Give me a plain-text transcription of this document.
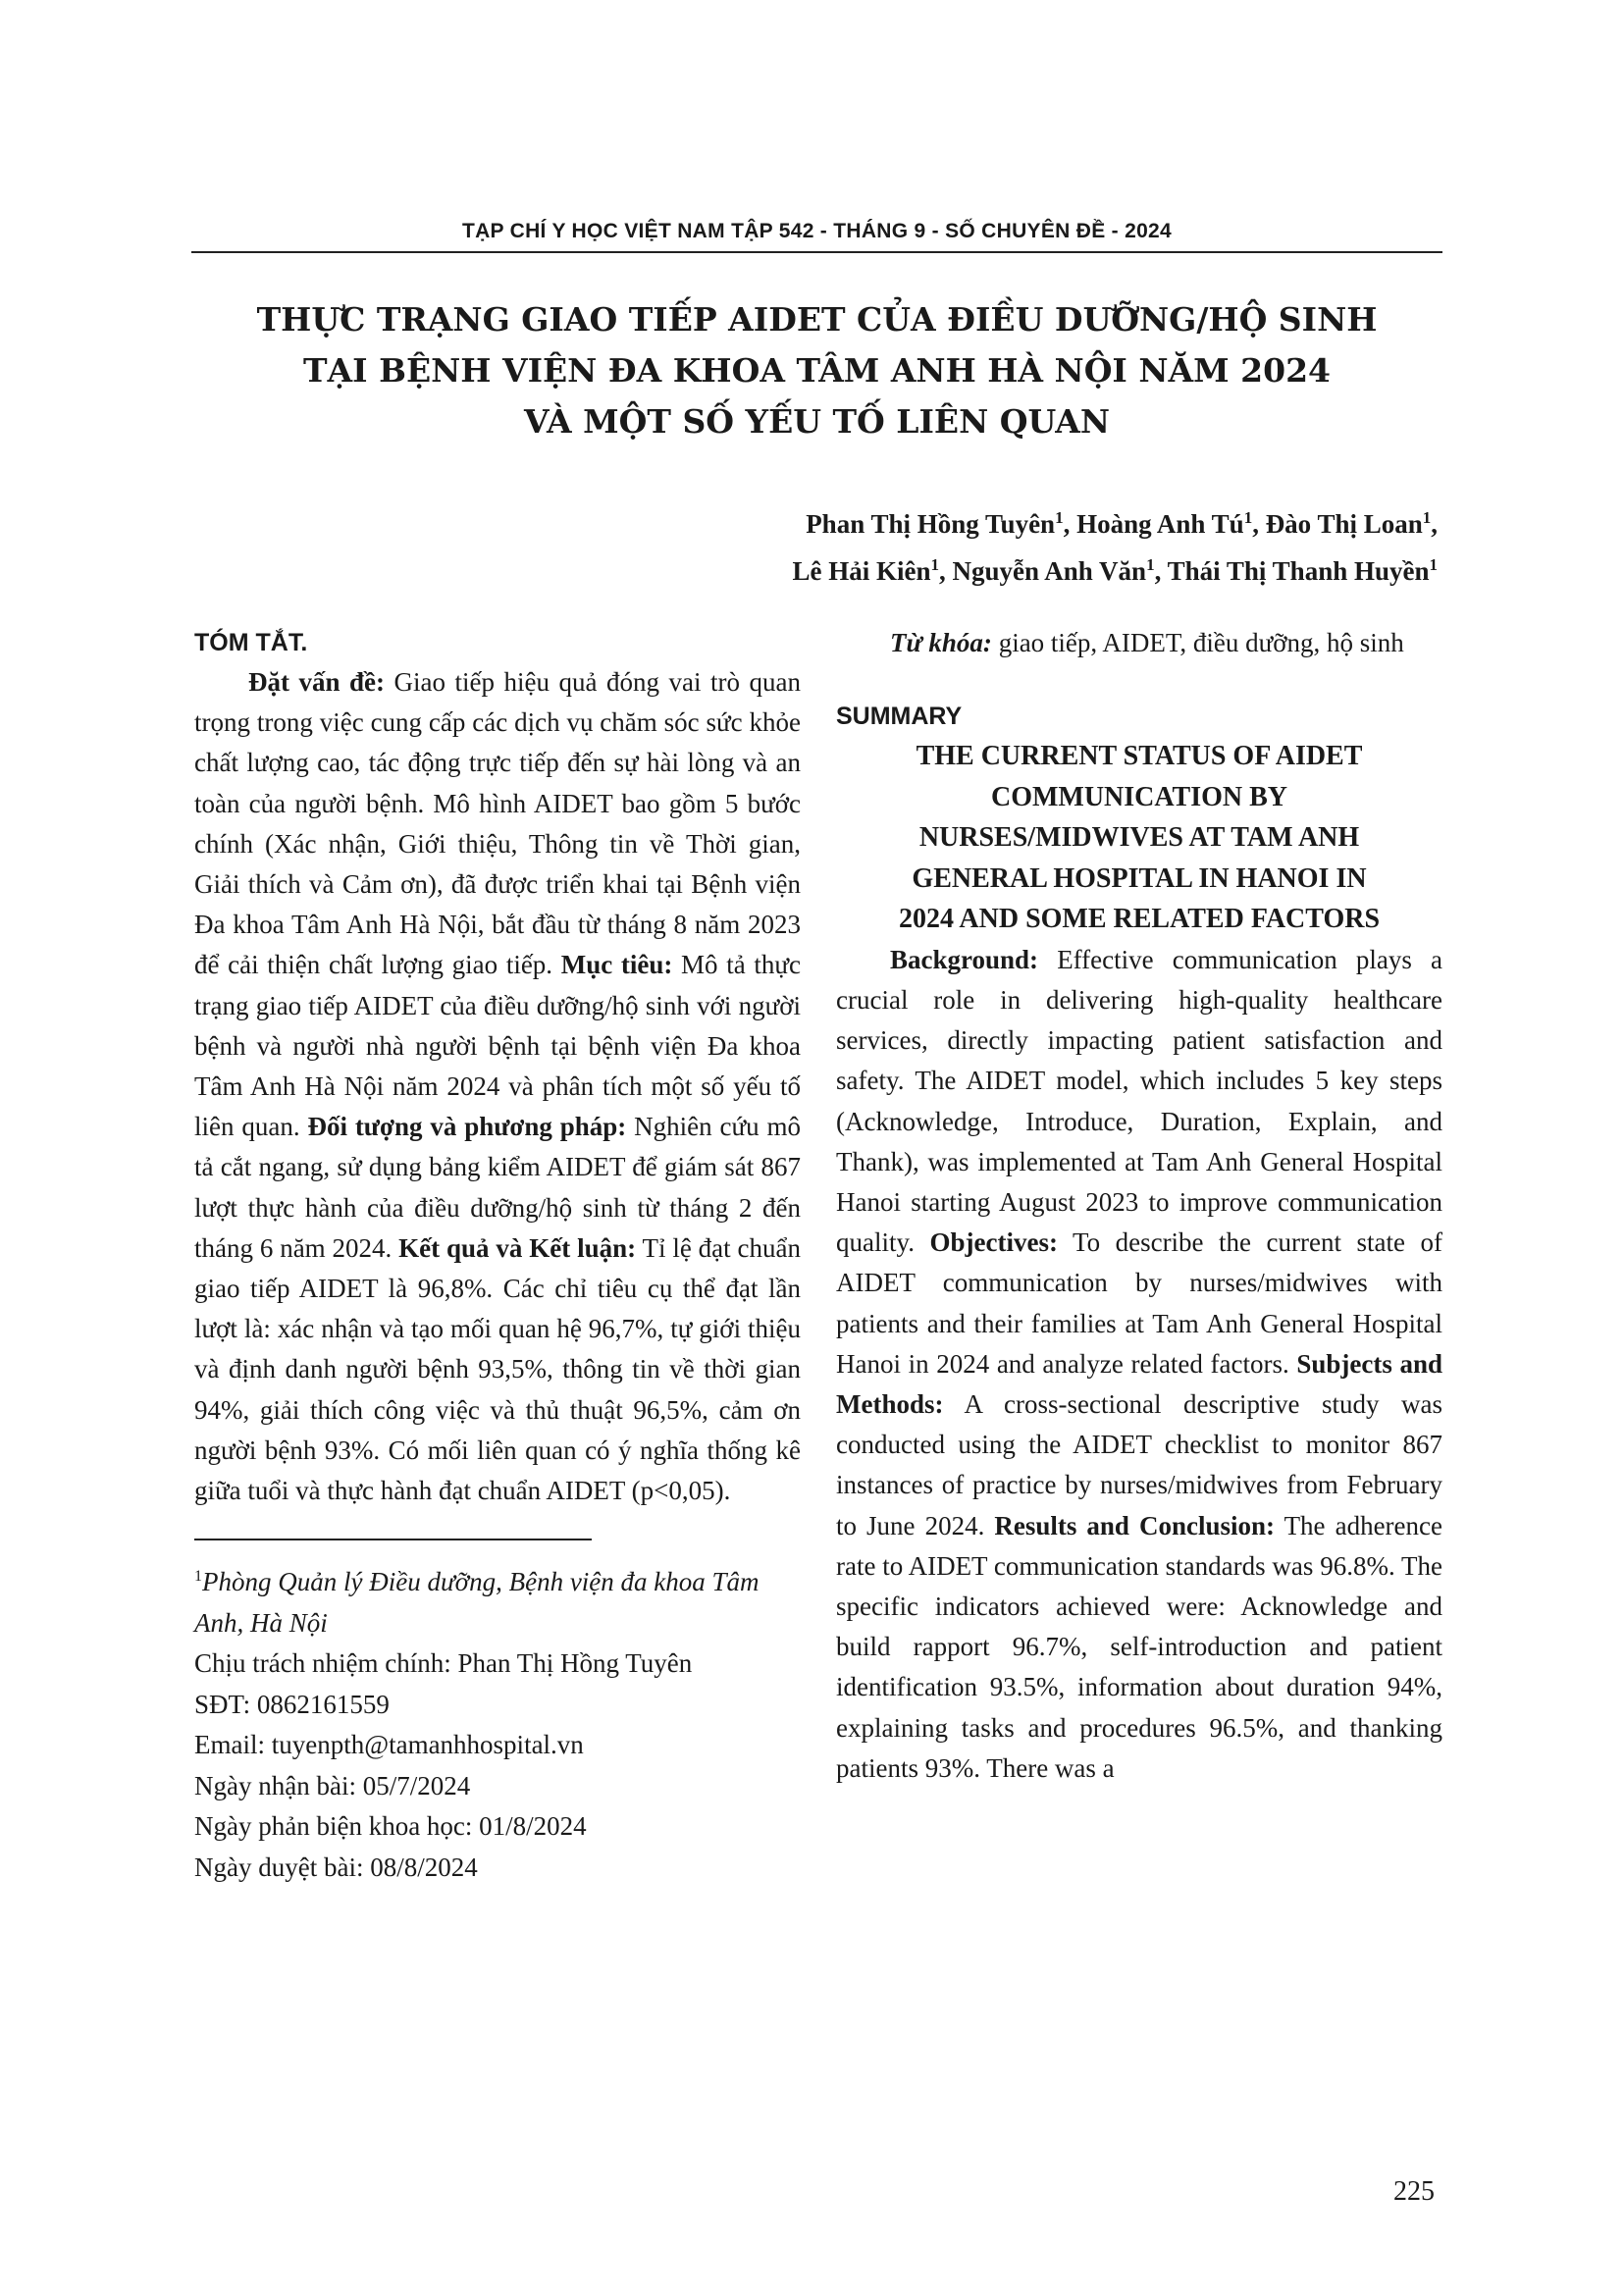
TẠP CHÍ Y HỌC VIỆT NAM TẬP 542 - THÁNG 9 - SỐ CHUYÊN ĐỀ - 2024
THỰC TRẠNG GIAO TIẾP AIDET CỦA ĐIỀU DƯỠNG/HỘ SINH
TẠI BỆNH VIỆN ĐA KHOA TÂM ANH HÀ NỘI NĂM 2024
VÀ MỘT SỐ YẾU TỐ LIÊN QUAN
Phan Thị Hồng Tuyên$^1$, Hoàng Anh $Tú^1$, Đào Thị Loan$^1$,
Lê Hải Kiên$^1$, Nguyễn Anh Văn$^1$, Thái Thị Thanh Huyền$^1$
TÓM TẮT.

Đặt vấn đề: Giao tiếp hiệu quả đóng vai trò quan trọng trong việc cung cấp các dịch vụ chăm sóc sức khỏe chất lượng cao, tác động trực tiếp đến sự hài lòng và an toàn của người bệnh. Mô hình AIDET bao gồm 5 bước chính (Xác nhận, Giới thiệu, Thông tin về Thời gian, Giải thích và Cảm ơn), đã được triển khai tại Bệnh viện Đa khoa Tâm Anh Hà Nội, bắt đầu từ tháng 8 năm 2023 để cải thiện chất lượng giao tiếp. Mục tiêu: Mô tả thực trạng giao tiếp AIDET của điều dưỡng/hộ sinh với người bệnh và người nhà người bệnh tại bệnh viện Đa khoa Tâm Anh Hà Nội năm 2024 và phân tích một số yếu tố liên quan. Đối tượng và phương pháp: Nghiên cứu mô tả cắt ngang, sử dụng bảng kiểm AIDET để giám sát 867 lượt thực hành của điều dưỡng/hộ sinh từ tháng 2 đến tháng 6 năm 2024. Kết quả và Kết luận: Tỉ lệ đạt chuẩn giao tiếp AIDET là 96,8%. Các chỉ tiêu cụ thể đạt lần lượt là: xác nhận và tạo mối quan hệ 96,7%, tự giới thiệu và định danh người bệnh 93,5%, thông tin về thời gian 94%, giải thích công việc và thủ thuật 96,5%, cảm ơn người bệnh 93%. Có mối liên quan có ý nghĩa thống kê giữa tuổi và thực hành đạt chuẩn AIDET (p<0,05).

$^1$Phòng Quản lý Điều dưỡng, Bệnh viện đa khoa Tâm Anh, Hà Nội

Chịu trách nhiệm chính: Phan Thị Hồng Tuyên

SĐT: 0862161559

Email: tuyenpth@tamanhhospital.vn

Ngày nhận bài: 05/7/2024

Ngày phản biện khoa học: 01/8/2024

Ngày duyệt bài: 08/8/2024

Từ khóa: giao tiếp, AIDET, điều dưỡng, hộ sinh

SUMMARY
THE CURRENT STATUS OF AIDET
COMMUNICATION BY
NURSES/MIDWIVES AT TAM ANH
GENERAL HOSPITAL IN HANOI IN
2024 AND SOME RELATED FACTORS

Background: Effective communication plays a crucial role in delivering high-quality healthcare services, directly impacting patient satisfaction and safety. The AIDET model, which includes 5 key steps (Acknowledge, Introduce, Duration, Explain, and Thank), was implemented at Tam Anh General Hospital Hanoi starting August 2023 to improve communication quality. Objectives: To describe the current state of AIDET communication by nurses/midwives with patients and their families at Tam Anh General Hospital Hanoi in 2024 and analyze related factors. Subjects and Methods: A cross-sectional descriptive study was conducted using the AIDET checklist to monitor 867 instances of practice by nurses/midwives from February to June 2024. Results and Conclusion: The adherence rate to AIDET communication standards was 96.8%. The specific indicators achieved were: Acknowledge and build rapport 96.7%, self-introduction and patient identification 93.5%, information about duration 94%, explaining tasks and procedures 96.5%, and thanking patients 93%. There was a

225
